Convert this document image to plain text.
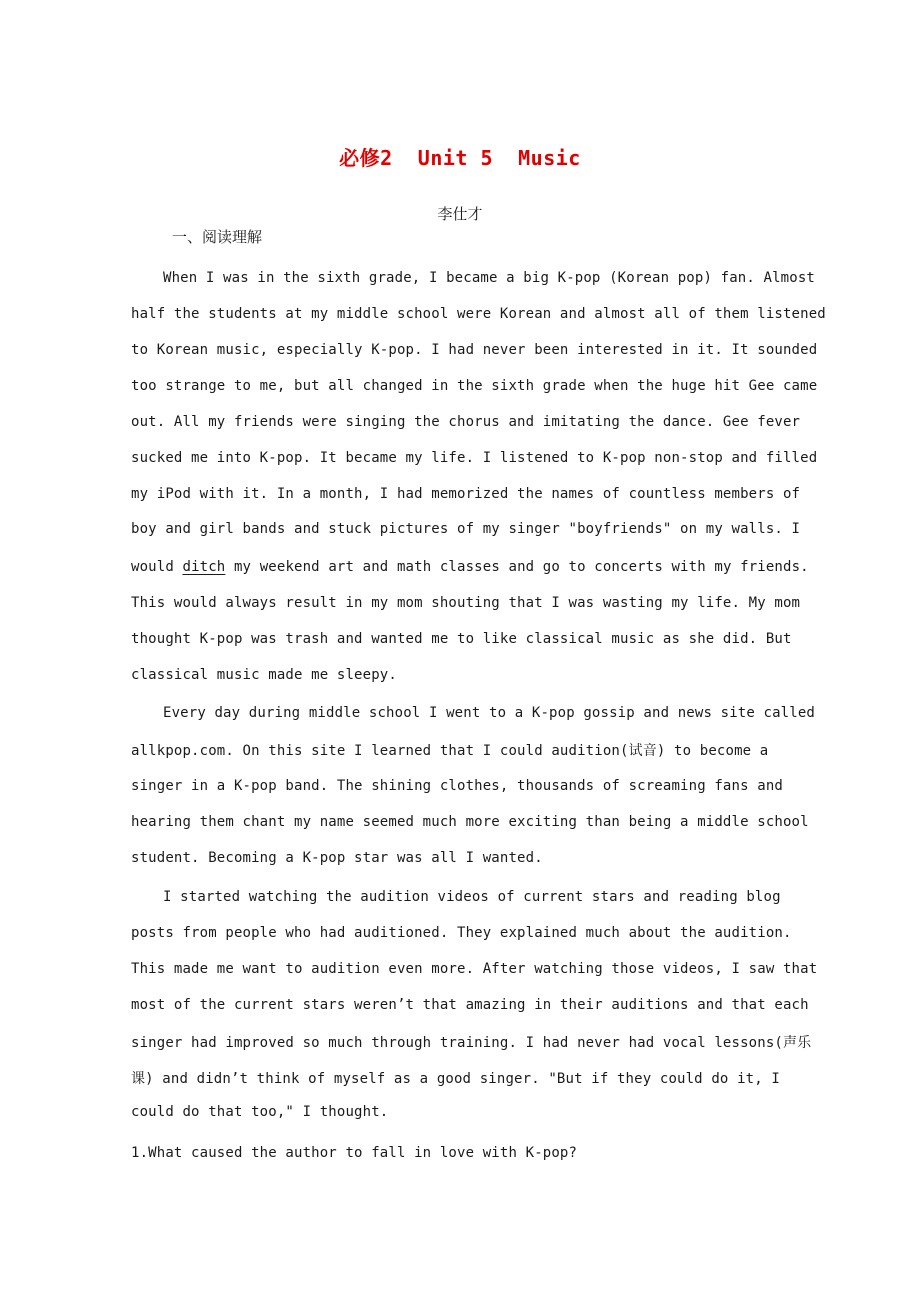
必修2  Unit 5  Music
李仕才
一、阅读理解
When I was in the sixth grade, I became a big K-pop (Korean pop) fan. Almost
half the students at my middle school were Korean and almost all of them listened
to Korean music, especially K-pop. I had never been interested in it. It sounded
too strange to me, but all changed in the sixth grade when the huge hit Gee came
out. All my friends were singing the chorus and imitating the dance. Gee fever
sucked me into K-pop. It became my life. I listened to K-pop non-stop and filled
my iPod with it. In a month, I had memorized the names of countless members of
boy and girl bands and stuck pictures of my singer "boyfriends" on my walls. I
would ditch my weekend art and math classes and go to concerts with my friends.
This would always result in my mom shouting that I was wasting my life. My mom
thought K-pop was trash and wanted me to like classical music as she did. But
classical music made me sleepy.
Every day during middle school I went to a K-pop gossip and news site called
allkpop.com. On this site I learned that I could audition(试音) to become a
singer in a K-pop band. The shining clothes, thousands of screaming fans and
hearing them chant my name seemed much more exciting than being a middle school
student. Becoming a K-pop star was all I wanted.
I started watching the audition videos of current stars and reading blog
posts from people who had auditioned. They explained much about the audition.
This made me want to audition even more. After watching those videos, I saw that
most of the current stars weren’t that amazing in their auditions and that each
singer had improved so much through training. I had never had vocal lessons(声乐
课) and didn’t think of myself as a good singer. "But if they could do it, I
could do that too," I thought.
1.What caused the author to fall in love with K-pop?
